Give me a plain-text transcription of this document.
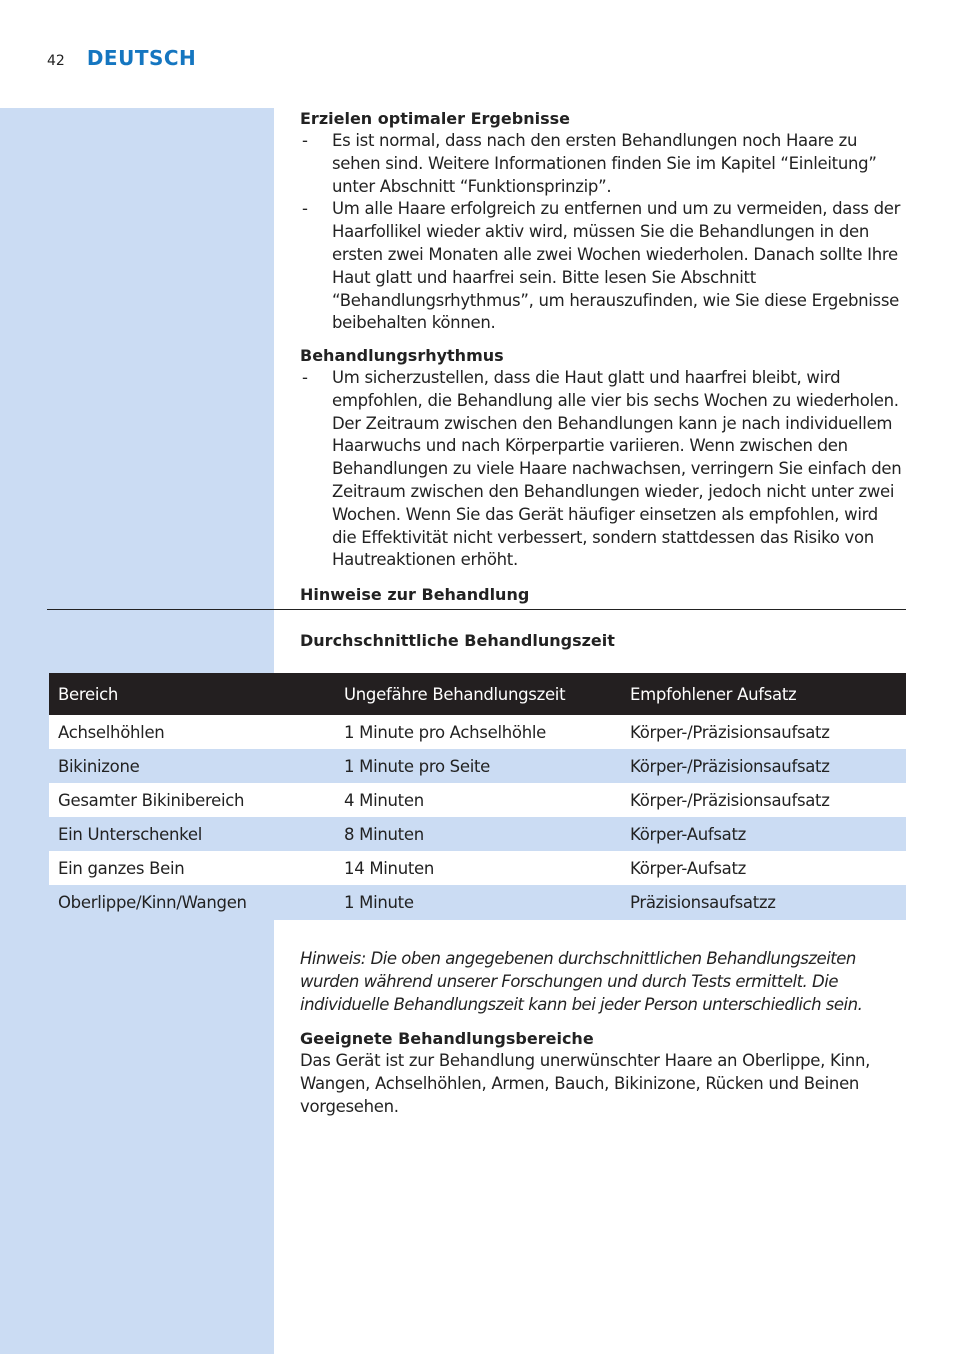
42 DEUTSCH

Erzielen optimaler Ergebnisse

- Es ist normal, dass nach den ersten Behandlungen noch Haare zu sehen sind. Weitere Informationen finden Sie im Kapitel “Einleitung” unter Abschnitt “Funktionsprinzip”.

- Um alle Haare erfolgreich zu entfernen und um zu vermeiden, dass der Haarfollikel wieder aktiv wird, müssen Sie die Behandlungen in den ersten zwei Monaten alle zwei Wochen wiederholen. Danach sollte Ihre Haut glatt und haarfrei sein. Bitte lesen Sie Abschnitt “Behandlungsrhythmus”, um herauszufinden, wie Sie diese Ergebnisse beibehalten können.

Behandlungsrhythmus

- Um sicherzustellen, dass die Haut glatt und haarfrei bleibt, wird empfohlen, die Behandlung alle vier bis sechs Wochen zu wiederholen. Der Zeitraum zwischen den Behandlungen kann je nach individuellem Haarwuchs und nach Körperpartie variieren. Wenn zwischen den Behandlungen zu viele Haare nachwachsen, verringern Sie einfach den Zeitraum zwischen den Behandlungen wieder, jedoch nicht unter zwei Wochen. Wenn Sie das Gerät häufiger einsetzen als empfohlen, wird die Effektivität nicht verbessert, sondern stattdessen das Risiko von Hautreaktionen erhöht.

Hinweise zur Behandlung

Durchschnittliche Behandlungszeit

Bereich	Ungefähre Behandlungszeit	Empfohlener Aufsatz
Achselhöhlen	1 Minute pro Achselhöhle	Körper-/Präzisionsaufsatz
Bikinizone	1 Minute pro Seite	Körper-/Präzisionsaufsatz
Gesamter Bikinibereich	4 Minuten	Körper-/Präzisionsaufsatz
Ein Unterschenkel	8 Minuten	Körper-Aufsatz
Ein ganzes Bein	14 Minuten	Körper-Aufsatz
Oberlippe/Kinn/Wangen	1 Minute	Präzisionsaufsatzz

Hinweis: Die oben angegebenen durchschnittlichen Behandlungszeiten wurden während unserer Forschungen und durch Tests ermittelt. Die individuelle Behandlungszeit kann bei jeder Person unterschiedlich sein.

Geeignete Behandlungsbereiche

Das Gerät ist zur Behandlung unerwünschter Haare an Oberlippe, Kinn, Wangen, Achselhöhlen, Armen, Bauch, Bikinizone, Rücken und Beinen vorgesehen.
